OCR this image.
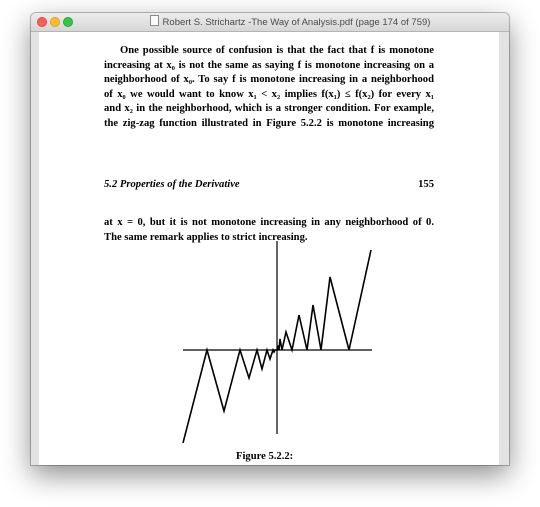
Robert S. Strichartz -The Way of Analysis.pdf (page 174 of 759)
One possible source of confusion is that the fact that f is monotone
increasing at x₀ is not the same as saying f is monotone increasing on a
neighborhood of x₀. To say f is monotone increasing in a neighborhood
of x₀ we would want to know x₁ < x₂ implies f(x₁) ≤ f(x₂) for every x₁
and x₂ in the neighborhood, which is a stronger condition. For example,
the zig-zag function illustrated in Figure 5.2.2 is monotone increasing
5.2 Properties of the Derivative	155
at x = 0, but it is not monotone increasing in any neighborhood of 0.
The same remark applies to strict increasing.
Figure 5.2.2:
